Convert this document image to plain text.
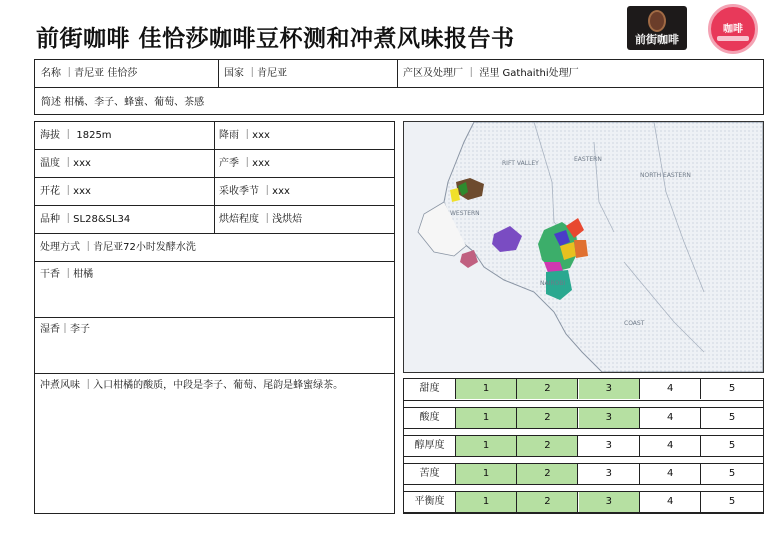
前街咖啡 佳恰莎咖啡豆杯测和冲煮风味报告书	前街咖啡
咖啡
名称 ｜青尼亚 佳恰莎	国家 ｜肯尼亚	产区及处理厂 ｜ 涅里 Gathaithi处理厂
简述 柑橘、李子、蜂蜜、葡萄、茶感
海拔 ｜ 1825m	降雨 ｜xxx
温度 ｜xxx	产季 ｜xxx
开花 ｜xxx	采收季节 ｜xxx
品种 ｜SL28&SL34	烘焙程度 ｜浅烘焙
处理方式 ｜肯尼亚72小时发酵水洗
干香 ｜柑橘
湿香｜李子
冲煮风味 ｜入口柑橘的酸质，中段是李子、葡萄、尾韵是蜂蜜绿茶。
RIFT VALLEY
EASTERN
NORTH EASTERN
WESTERN
NAIROBI
COAST
甜度	1	2	3	4	5
酸度	1	2	3	4	5
醇厚度	1	2	3	4	5
苦度	1	2	3	4	5
平衡度	1	2	3	4	5
